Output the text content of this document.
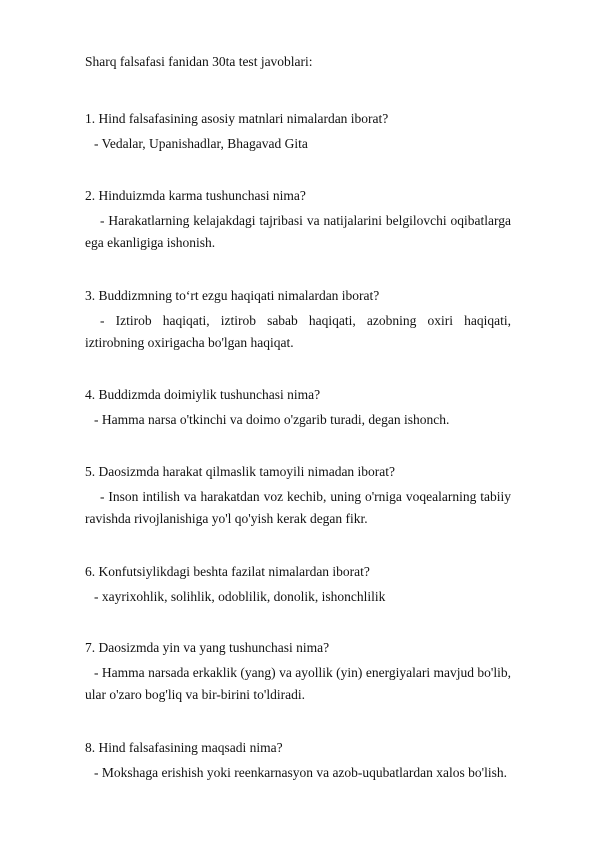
Sharq falsafasi fanidan 30ta test javoblari:
1. Hind falsafasining asosiy matnlari nimalardan iborat?
- Vedalar, Upanishadlar, Bhagavad Gita
2. Hinduizmda karma tushunchasi nima?
- Harakatlarning kelajakdagi tajribasi va natijalarini belgilovchi oqibatlarga ega ekanligiga ishonish.
3. Buddizmning to‘rt ezgu haqiqati nimalardan iborat?
- Iztirob haqiqati, iztirob sabab haqiqati, azobning oxiri haqiqati, iztirobning oxirigacha bo'lgan haqiqat.
4. Buddizmda doimiylik tushunchasi nima?
- Hamma narsa o'tkinchi va doimo o'zgarib turadi, degan ishonch.
5. Daosizmda harakat qilmaslik tamoyili nimadan iborat?
- Inson intilish va harakatdan voz kechib, uning o'rniga voqealarning tabiiy ravishda rivojlanishiga yo'l qo'yish kerak degan fikr.
6. Konfutsiylikdagi beshta fazilat nimalardan iborat?
- xayrixohlik, solihlik, odoblilik, donolik, ishonchlilik
7. Daosizmda yin va yang tushunchasi nima?
- Hamma narsada erkaklik (yang) va ayollik (yin) energiyalari mavjud bo'lib, ular o'zaro bog'liq va bir-birini to'ldiradi.
8. Hind falsafasining maqsadi nima?
- Mokshaga erishish yoki reenkarnasyon va azob-uqubatlardan xalos bo'lish.
